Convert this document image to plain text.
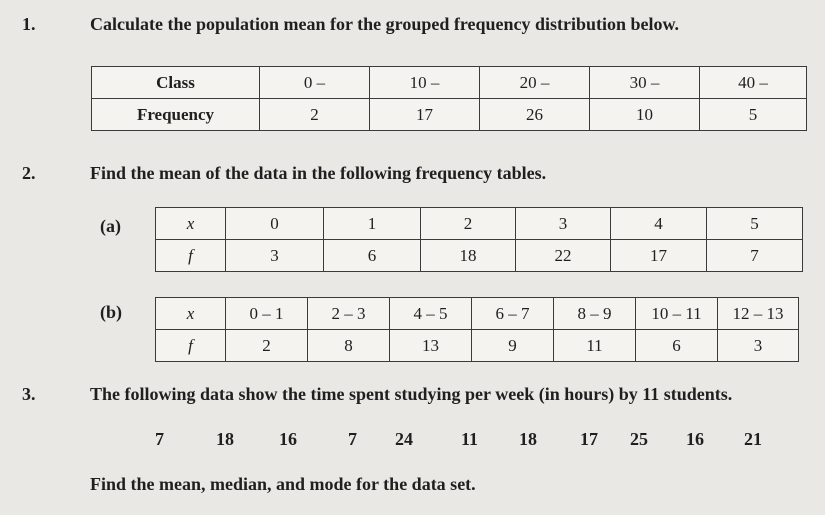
1.	Calculate the population mean for the grouped frequency distribution below.
Class	0 –	10 –	20 –	30 –	40 –
Frequency	2	17	26	10	5
2.	Find the mean of the data in the following frequency tables.
(a)	x	0	1	2	3	4	5
f	3	6	18	22	17	7
(b)	x	0 – 1	2 – 3	4 – 5	6 – 7	8 – 9	10 – 11	12 – 13
f	2	8	13	9	11	6	3
3.	The following data show the time spent studying per week (in hours) by 11 students.
7	18	16	7 24	11 18 17 25 16 21
Find the mean, median, and mode for the data set.
